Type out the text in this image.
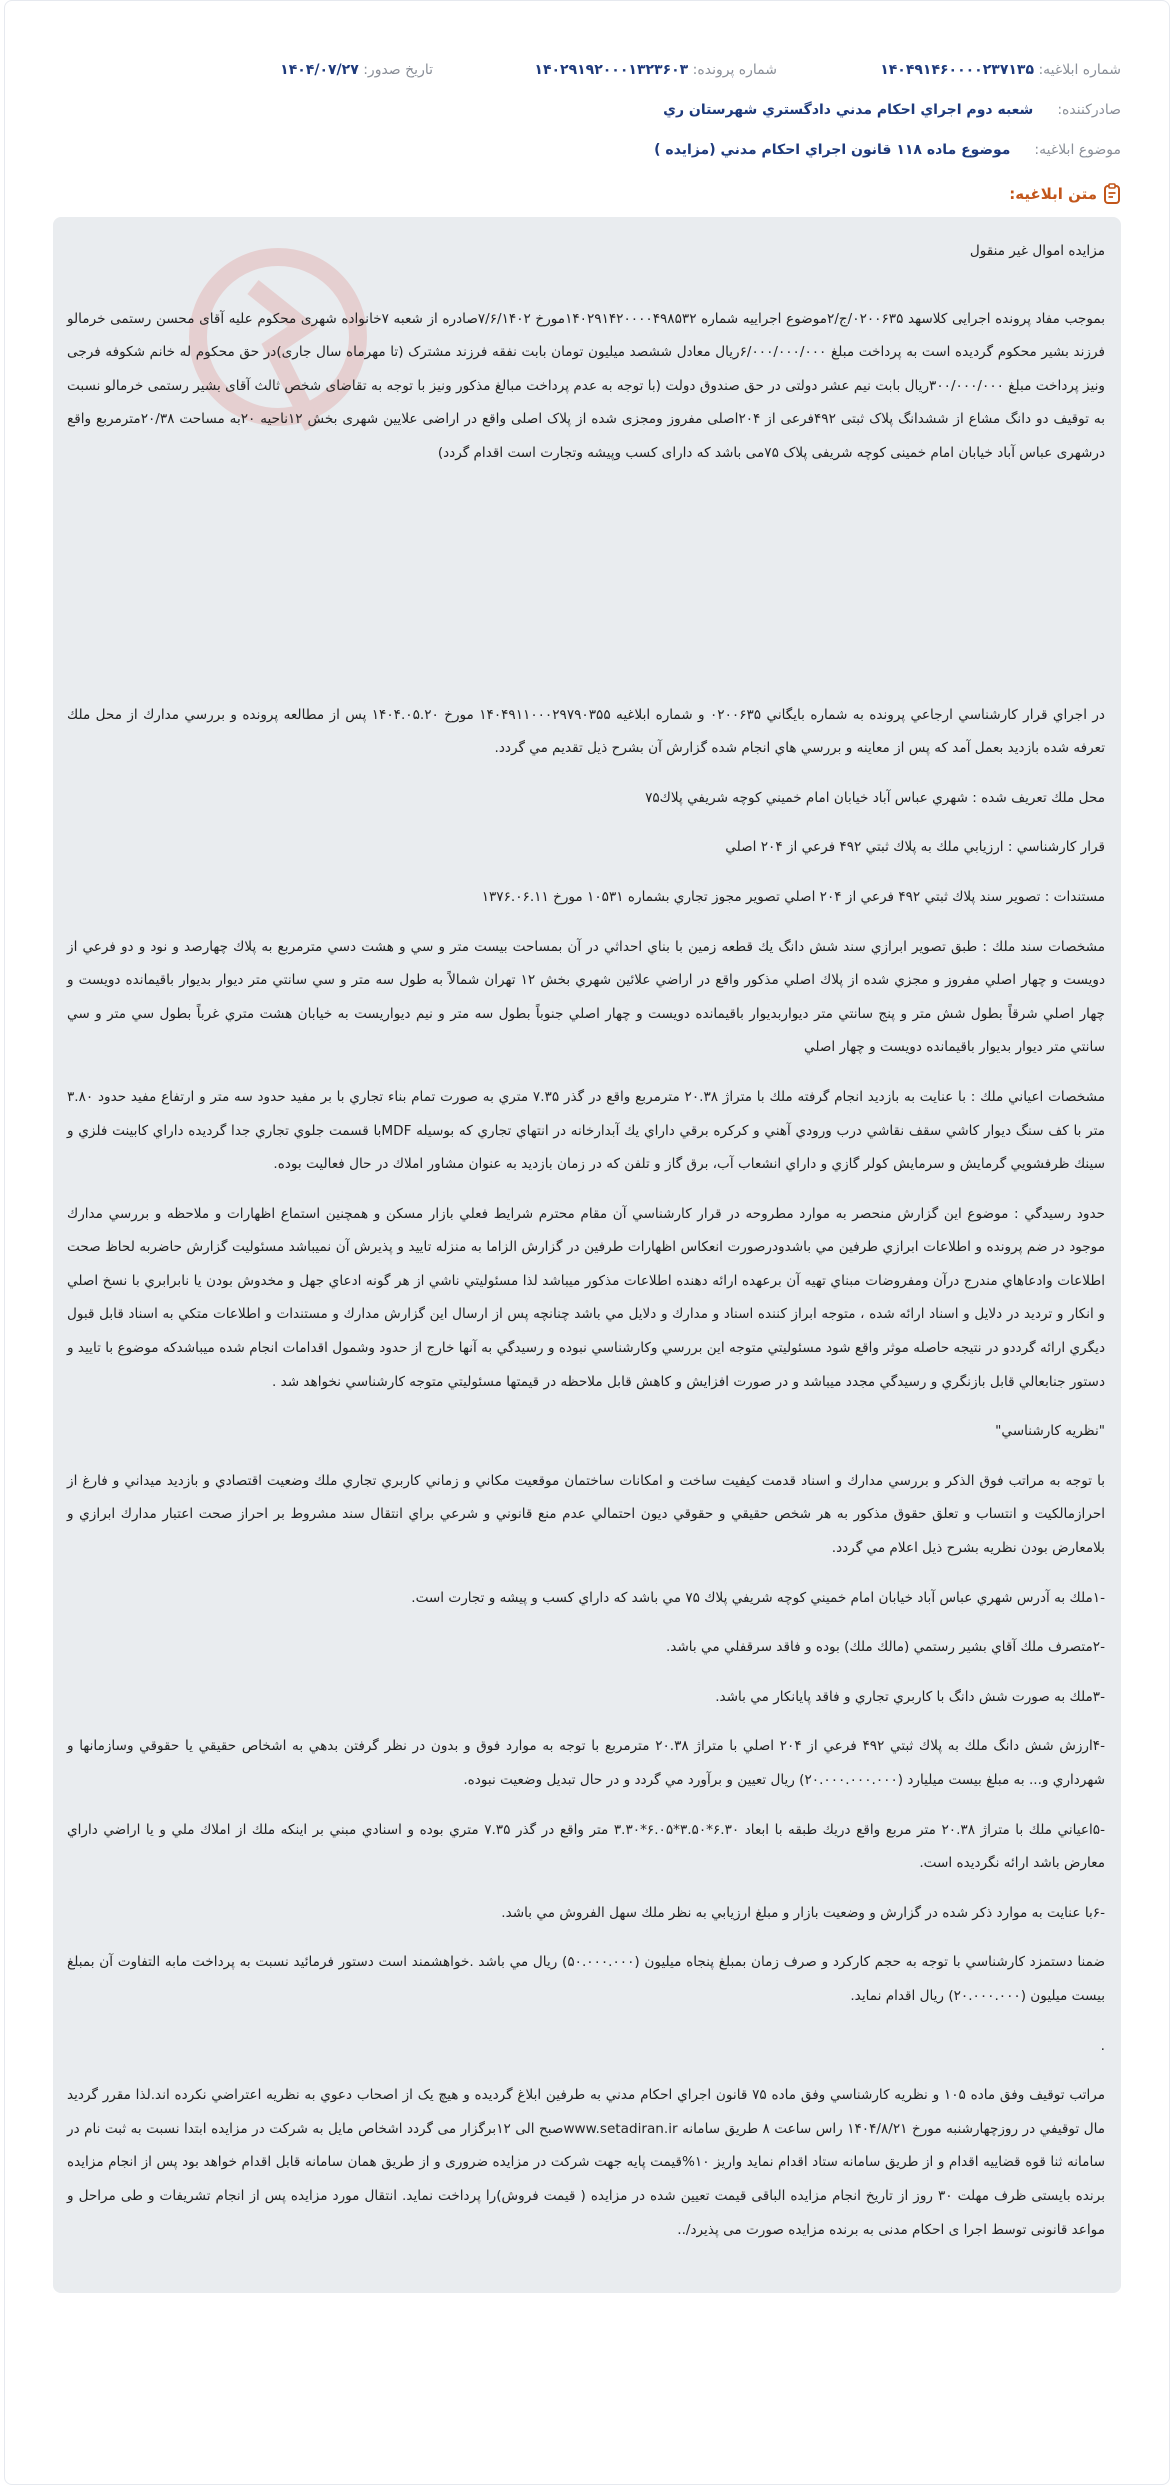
شماره ابلاغیه: ۱۴۰۴۹۱۴۶۰۰۰۰۲۳۷۱۳۵
شماره پرونده: ۱۴۰۲۹۱۹۲۰۰۰۱۳۲۳۶۰۳
تاریخ صدور: ۱۴۰۴/۰۷/۲۷
صادرکننده:
شعبه دوم اجراي احكام مدني دادگستري شهرستان ري
موضوع ابلاغیه:
موضوع ماده ۱۱۸ قانون اجراي احكام مدني (مزايده )
متن ابلاغیه:

مزایده اموال غیر منقول

بموجب مفاد پرونده اجرایی کلاسهد ۰۲۰۰۶۳۵/ج/۲موضوع اجراییه شماره ۱۴۰۲۹۱۴۲۰۰۰۰۴۹۸۵۳۲مورخ ۷/۶/۱۴۰۲صادره از شعبه ۷خانواده شهری محکوم علیه آقای محسن رستمی خرمالو فرزند بشیر محکوم گردیده است به پرداخت مبلغ ۶/۰۰۰/۰۰۰/۰۰۰ریال معادل ششصد میلیون تومان بابت نفقه فرزند مشترک (تا مهرماه سال جاری)در حق محکوم له خانم شکوفه فرجی ونیز پرداخت مبلغ ۳۰۰/۰۰۰/۰۰۰ریال بابت نیم عشر دولتی در حق صندوق دولت (با توجه به عدم پرداخت مبالغ مذکور ونیز با توجه به تقاضای شخص ثالث آقای بشیر رستمی خرمالو نسبت به توقیف دو دانگ مشاع از ششدانگ پلاک ثبتی ۴۹۲فرعی از ۲۰۴اصلی مفروز ومجزی شده از پلاک اصلی واقع در اراضی علایین شهری بخش ۱۲ناحیه ۲۰به مساحت ۲۰/۳۸مترمربع واقع درشهری عباس آباد خیابان امام خمینی کوچه شریفی پلاک ۷۵می باشد که دارای کسب وپیشه وتجارت است اقدام گردد)

در اجراي قرار كارشناسي ارجاعي پرونده به شماره بايگاني ۰۲۰۰۶۳۵ و شماره ابلاغيه ۱۴۰۴۹۱۱۰۰۰۲۹۷۹۰۳۵۵ مورخ ۱۴۰۴.۰۵.۲۰ پس از مطالعه پرونده و بررسي مدارك از محل ملك تعرفه شده بازديد بعمل آمد كه پس از معاينه و بررسي هاي انجام شده گزارش آن بشرح ذيل تقديم مي گردد.

محل ملك تعريف شده : شهري عباس آباد خيابان امام خميني كوچه شريفي پلاك۷۵

قرار كارشناسي : ارزيابي ملك به پلاك ثبتي ۴۹۲ فرعي از ۲۰۴ اصلي

مستندات : تصوير سند پلاك ثبتي ۴۹۲ فرعي از ۲۰۴ اصلي تصوير مجوز تجاري بشماره ۱۰۵۳۱ مورخ ۱۳۷۶.۰۶.۱۱

مشخصات سند ملك : طبق تصوير ابرازي سند شش دانگ يك قطعه زمين با بناي احداثي در آن بمساحت بيست متر و سي و هشت دسي مترمربع به پلاك چهارصد و نود و دو فرعي از دويست و چهار اصلي مفروز و مجزي شده از پلاك اصلي مذكور واقع در اراضي علائين شهري بخش ۱۲ تهران شمالاً به طول سه متر و سي سانتي متر ديوار بديوار باقيمانده دويست و چهار اصلي شرقاً بطول شش متر و پنج سانتي متر ديواربديوار باقيمانده دويست و چهار اصلي جنوباً بطول سه متر و نيم ديواريست به خيابان هشت متري غرباً بطول سي متر و سي سانتي متر ديوار بديوار باقيمانده دويست و چهار اصلي

مشخصات اعياني ملك : با عنايت به بازديد انجام گرفته ملك با متراژ ۲۰.۳۸ مترمربع واقع در گذر ۷.۳۵ متري به صورت تمام بناء تجاري با بر مفيد حدود سه متر و ارتفاع مفيد حدود ۳.۸۰ متر با كف سنگ ديوار كاشي سقف نقاشي درب ورودي آهني و كركره برقي داراي يك آبدارخانه در انتهاي تجاري كه بوسيله MDFبا قسمت جلوي تجاري جدا گرديده داراي كابينت فلزي و سينك ظرفشويي گرمايش و سرمايش كولر گازي و داراي انشعاب آب، برق گاز و تلفن كه در زمان بازديد به عنوان مشاور املاك در حال فعاليت بوده.

حدود رسيدگي : موضوع اين گزارش منحصر به موارد مطروحه در قرار كارشناسي آن مقام محترم شرايط فعلي بازار مسكن و همچنين استماع اظهارات و ملاحظه و بررسي مدارك موجود در ضم پرونده و اطلاعات ابرازي طرفين مي باشدودرصورت انعكاس اظهارات طرفين در گزارش الزاما به منزله تاييد و پذيرش آن نمیباشد مسئوليت گزارش حاضربه لحاظ صحت اطلاعات وادعاهاي مندرج درآن ومفروضات مبناي تهيه آن برعهده ارائه دهنده اطلاعات مذكور ميباشد لذا مسئوليتي ناشي از هر گونه ادعاي جهل و مخدوش بودن يا نابرابري با نسخ اصلي و انكار و ترديد در دلايل و اسناد ارائه شده ، متوجه ابراز كننده اسناد و مدارك و دلايل مي باشد چنانچه پس از ارسال اين گزارش مدارك و مستندات و اطلاعات متكي به اسناد قابل قبول ديگري ارائه گرددو در نتيجه حاصله موثر واقع شود مسئوليتي متوجه اين بررسي وكارشناسي نبوده و رسيدگي به آنها خارج از حدود وشمول اقدامات انجام شده ميباشدكه موضوع با تاييد و دستور جنابعالي قابل بازنگري و رسيدگي مجدد ميباشد و در صورت افزايش و كاهش قابل ملاحظه در قيمتها مسئوليتي متوجه كارشناسي نخواهد شد .

"نظريه كارشناسي"

با توجه به مراتب فوق الذكر و بررسي مدارك و اسناد قدمت كيفيت ساخت و امكانات ساختمان موقعيت مكاني و زماني كاربري تجاري ملك وضعيت اقتصادي و بازديد ميداني و فارغ از احرازمالكيت و انتساب و تعلق حقوق مذكور به هر شخص حقيقي و حقوقي ديون احتمالي عدم منع قانوني و شرعي براي انتقال سند مشروط بر احراز صحت اعتبار مدارك ابرازي و بلامعارض بودن نظريه بشرح ذيل اعلام مي گردد.

-۱ملك به آدرس شهري عباس آباد خيابان امام خميني كوچه شريفي پلاك ۷۵ مي باشد كه داراي كسب و پيشه و تجارت است.

-۲متصرف ملك آقاي بشير رستمي (مالك ملك) بوده و فاقد سرقفلي مي باشد.

-۳ملك به صورت شش دانگ با كاربري تجاري و فاقد پايانكار مي باشد.

-۴ارزش شش دانگ ملك به پلاك ثبتي ۴۹۲ فرعي از ۲۰۴ اصلي با متراژ ۲۰.۳۸ مترمربع با توجه به موارد فوق و بدون در نظر گرفتن بدهي به اشخاص حقيقي يا حقوقي وسازمانها و شهرداري و... به مبلغ بيست ميليارد (۲۰.۰۰۰.۰۰۰.۰۰۰) ريال تعيين و برآورد مي گردد و در حال تبديل وضعيت نبوده.

-۵اعياني ملك با متراژ ۲۰.۳۸ متر مربع واقع دريك طبقه با ابعاد ۶.۳۰*۳.۵۰*۶.۰۵*۳.۳۰ متر واقع در گذر ۷.۳۵ متري بوده و اسنادي مبني بر اينكه ملك از املاك ملي و يا اراضي داراي معارض باشد ارائه نگرديده است.

-۶با عنايت به موارد ذكر شده در گزارش و وضعيت بازار و مبلغ ارزيابي به نظر ملك سهل الفروش مي باشد.

ضمنا دستمزد كارشناسي با توجه به حجم كاركرد و صرف زمان بمبلغ پنجاه ميليون (۵۰.۰۰۰.۰۰۰) ريال مي باشد .خواهشمند است دستور فرمائيد نسبت به پرداخت مابه التفاوت آن بمبلغ بيست ميليون (۲۰.۰۰۰.۰۰۰) ريال اقدام نمايد.

.

مراتب توقیف وفق ماده ۱۰۵ و نظریه کارشناسي وفق ماده ۷۵ قانون اجراي احکام مدني به طرفين ابلاغ گرديده و هيچ یک از اصحاب دعوي به نظريه اعتراضي نکرده اند.لذا مقرر گرديد مال توقيفي در روزچهارشنبه مورخ ۱۴۰۴/۸/۲۱ راس ساعت ۸ طريق سامانه www.setadiran.irصبح الی ۱۲برگزار می گردد اشخاص مایل به شرکت در مزایده ابتدا نسبت به ثبت نام در سامانه ثنا قوه قضاییه اقدام و از طریق سامانه ستاد اقدام نماید واریز ۱۰%قیمت پایه جهت شرکت در مزایده ضروری و از طریق همان سامانه قابل اقدام خواهد بود پس از انجام مزایده برنده بایستی ظرف مهلت ۳۰ روز از تاریخ انجام مزایده الباقی قیمت تعیین شده در مزایده ( قیمت فروش)را پرداخت نماید. انتقال مورد مزایده پس از انجام تشریفات و طی مراحل و مواعد قانونی توسط اجرا ی احکام مدنی به برنده مزایده صورت می پذیرد/..
